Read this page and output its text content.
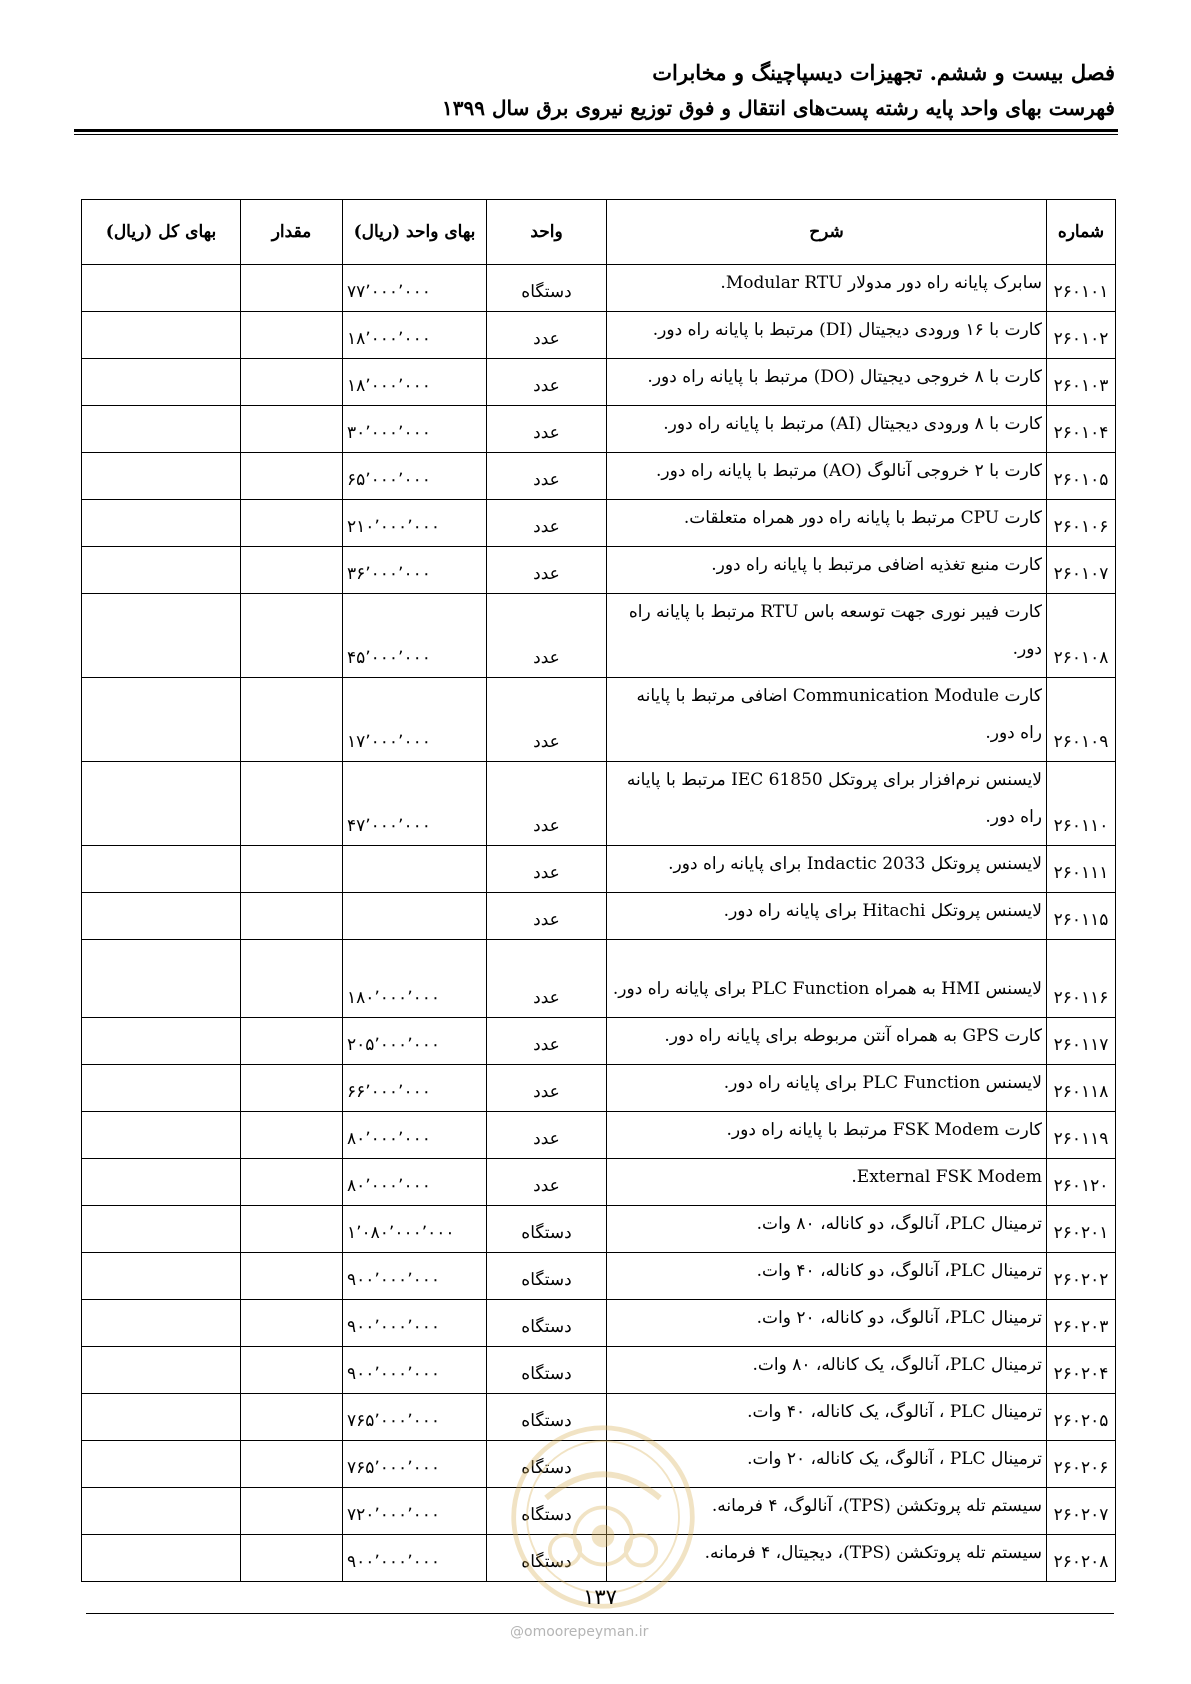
فصل بیست و ششم. تجهیزات دیسپاچینگ و مخابرات
فهرست بهای واحد پایه رشته پست‌های انتقال و فوق توزیع نیروی برق سال ۱۳۹۹
شماره	شرح	واحد	بهای واحد (ریال)	مقدار	بهای کل (ریال)
۲۶۰۱۰۱	سابرک پایانه راه دور مدولار Modular RTU.	دستگاه	۷۷٬۰۰۰٬۰۰۰		
۲۶۰۱۰۲	کارت با ۱۶ ورودی دیجیتال (DI) مرتبط با پایانه راه دور.	عدد	۱۸٬۰۰۰٬۰۰۰		
۲۶۰۱۰۳	کارت با ۸ خروجی دیجیتال (DO) مرتبط با پایانه راه دور.	عدد	۱۸٬۰۰۰٬۰۰۰		
۲۶۰۱۰۴	کارت با ۸ ورودی دیجیتال (AI) مرتبط با پایانه راه دور.	عدد	۳۰٬۰۰۰٬۰۰۰		
۲۶۰۱۰۵	کارت با ۲ خروجی آنالوگ (AO) مرتبط با پایانه راه دور.	عدد	۶۵٬۰۰۰٬۰۰۰		
۲۶۰۱۰۶	کارت CPU مرتبط با پایانه راه دور همراه متعلقات.	عدد	۲۱۰٬۰۰۰٬۰۰۰		
۲۶۰۱۰۷	کارت منبع تغذیه اضافی مرتبط با پایانه راه دور.	عدد	۳۶٬۰۰۰٬۰۰۰		
۲۶۰۱۰۸	کارت فیبر نوری جهت توسعه باس RTU مرتبط با پایانه راه دور.	عدد	۴۵٬۰۰۰٬۰۰۰		
۲۶۰۱۰۹	کارت Communication Module اضافی مرتبط با پایانه راه دور.	عدد	۱۷٬۰۰۰٬۰۰۰		
۲۶۰۱۱۰	لایسنس نرم‌افزار برای پروتکل IEC 61850 مرتبط با پایانه راه دور.	عدد	۴۷٬۰۰۰٬۰۰۰		
۲۶۰۱۱۱	لایسنس پروتکل Indactic 2033 برای پایانه راه دور.	عدد			
۲۶۰۱۱۵	لایسنس پروتکل Hitachi برای پایانه راه دور.	عدد			
۲۶۰۱۱۶	لایسنس HMI به همراه PLC Function برای پایانه راه دور.	عدد	۱۸۰٬۰۰۰٬۰۰۰		
۲۶۰۱۱۷	کارت GPS به همراه آنتن مربوطه برای پایانه راه دور.	عدد	۲۰۵٬۰۰۰٬۰۰۰		
۲۶۰۱۱۸	لایسنس PLC Function برای پایانه راه دور.	عدد	۶۶٬۰۰۰٬۰۰۰		
۲۶۰۱۱۹	کارت FSK Modem مرتبط با پایانه راه دور.	عدد	۸۰٬۰۰۰٬۰۰۰		
۲۶۰۱۲۰	External FSK Modem.	عدد	۸۰٬۰۰۰٬۰۰۰		
۲۶۰۲۰۱	ترمینال PLC، آنالوگ، دو کاناله، ۸۰ وات.	دستگاه	۱٬۰۸۰٬۰۰۰٬۰۰۰		
۲۶۰۲۰۲	ترمینال PLC، آنالوگ، دو کاناله، ۴۰ وات.	دستگاه	۹۰۰٬۰۰۰٬۰۰۰		
۲۶۰۲۰۳	ترمینال PLC، آنالوگ، دو کاناله، ۲۰ وات.	دستگاه	۹۰۰٬۰۰۰٬۰۰۰		
۲۶۰۲۰۴	ترمینال PLC، آنالوگ، یک کاناله، ۸۰ وات.	دستگاه	۹۰۰٬۰۰۰٬۰۰۰		
۲۶۰۲۰۵	ترمینال PLC ، آنالوگ، یک کاناله، ۴۰ وات.	دستگاه	۷۶۵٬۰۰۰٬۰۰۰		
۲۶۰۲۰۶	ترمینال PLC ، آنالوگ، یک کاناله، ۲۰ وات.	دستگاه	۷۶۵٬۰۰۰٬۰۰۰		
۲۶۰۲۰۷	سیستم تله پروتکشن (TPS)، آنالوگ، ۴ فرمانه.	دستگاه	۷۲۰٬۰۰۰٬۰۰۰		
۲۶۰۲۰۸	سیستم تله پروتکشن (TPS)، دیجیتال، ۴ فرمانه.	دستگاه	۹۰۰٬۰۰۰٬۰۰۰		
۱۳۷
@omoorepeyman.ir
